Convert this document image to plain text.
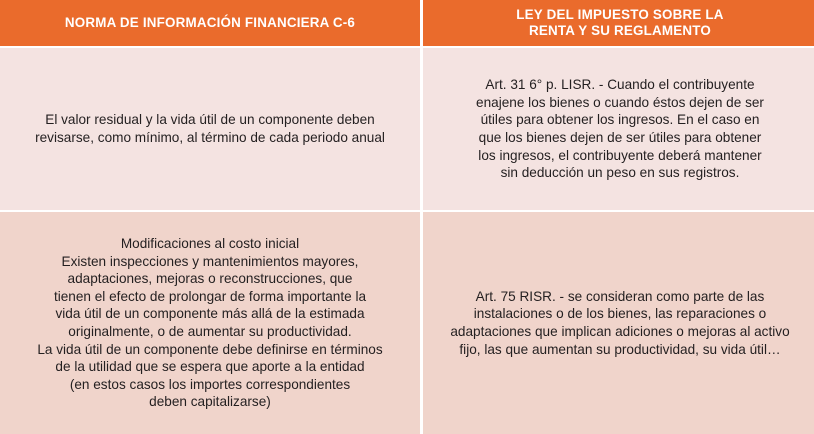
NORMA DE INFORMACIÓN FINANCIERA C-6
LEY DEL IMPUESTO SOBRE LA
RENTA Y SU REGLAMENTO
El valor residual y la vida útil de un componente deben
revisarse, como mínimo, al término de cada periodo anual
Art. 31 6° p. LISR. - Cuando el contribuyente
enajene los bienes o cuando éstos dejen de ser
útiles para obtener los ingresos. En el caso en
que los bienes dejen de ser útiles para obtener
los ingresos, el contribuyente deberá mantener
sin deducción un peso en sus registros.
Modificaciones al costo inicial
Existen inspecciones y mantenimientos mayores,
adaptaciones, mejoras o reconstrucciones, que
tienen el efecto de prolongar de forma importante la
vida útil de un componente más allá de la estimada
originalmente, o de aumentar su productividad.
La vida útil de un componente debe definirse en términos
de la utilidad que se espera que aporte a la entidad
(en estos casos los importes correspondientes
deben capitalizarse)
Art. 75 RISR. - se consideran como parte de las
instalaciones o de los bienes, las reparaciones o
adaptaciones que implican adiciones o mejoras al activo
fijo, las que aumentan su productividad, su vida útil…
